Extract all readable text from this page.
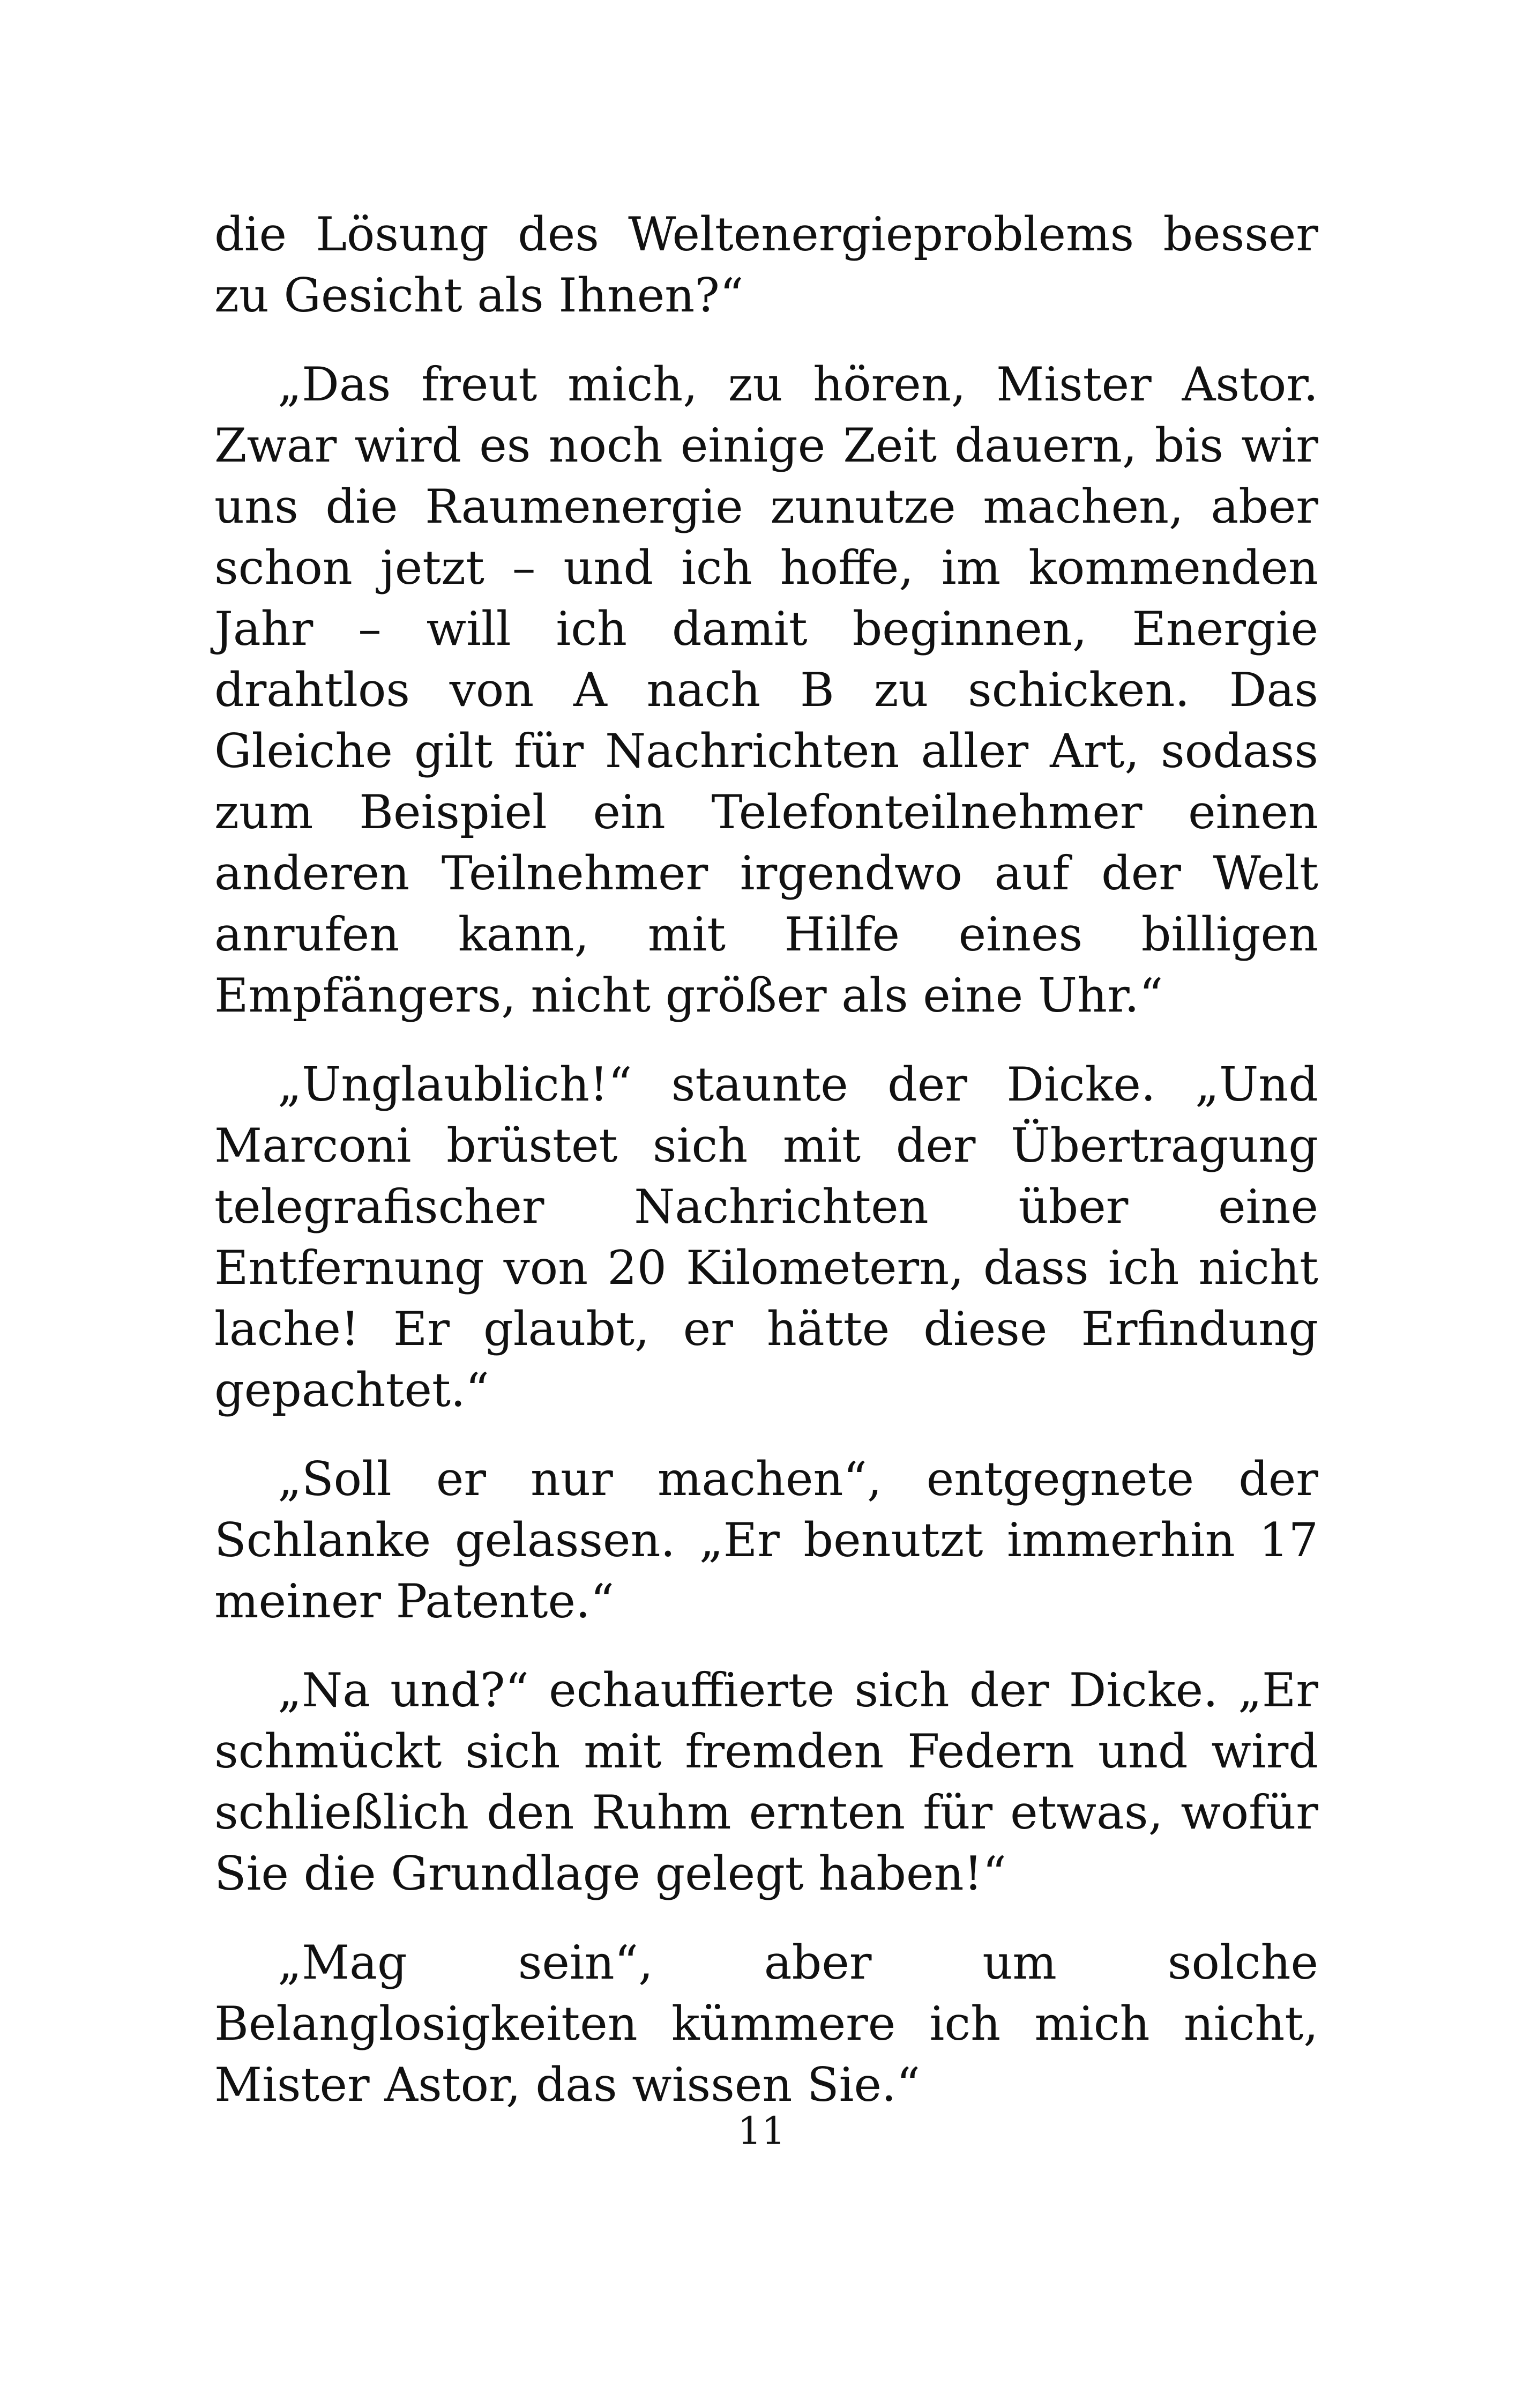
die Lösung des Weltenergieproblems besser zu Gesicht als Ihnen?“

„Das freut mich, zu hören, Mister Astor. Zwar wird es noch einige Zeit dauern, bis wir uns die Raumenergie zunutze machen, aber schon jetzt – und ich hoffe, im kommenden Jahr – will ich damit beginnen, Energie drahtlos von A nach B zu schicken. Das Gleiche gilt für Nachrichten aller Art, sodass zum Beispiel ein Telefonteilnehmer einen anderen Teilnehmer irgendwo auf der Welt anrufen kann, mit Hilfe eines billigen Empfängers, nicht größer als eine Uhr.“

„Unglaublich!“ staunte der Dicke. „Und Marconi brüstet sich mit der Übertragung telegrafischer Nachrichten über eine Entfernung von 20 Kilometern, dass ich nicht lache! Er glaubt, er hätte diese Erfindung gepachtet.“

„Soll er nur machen“, entgegnete der Schlanke gelassen. „Er benutzt immerhin 17 meiner Patente.“

„Na und?“ echauffierte sich der Dicke. „Er schmückt sich mit fremden Federn und wird schließlich den Ruhm ernten für etwas, wofür Sie die Grundlage gelegt haben!“

„Mag sein“, aber um solche Belanglosigkeiten kümmere ich mich nicht, Mister Astor, das wissen Sie.“

11
